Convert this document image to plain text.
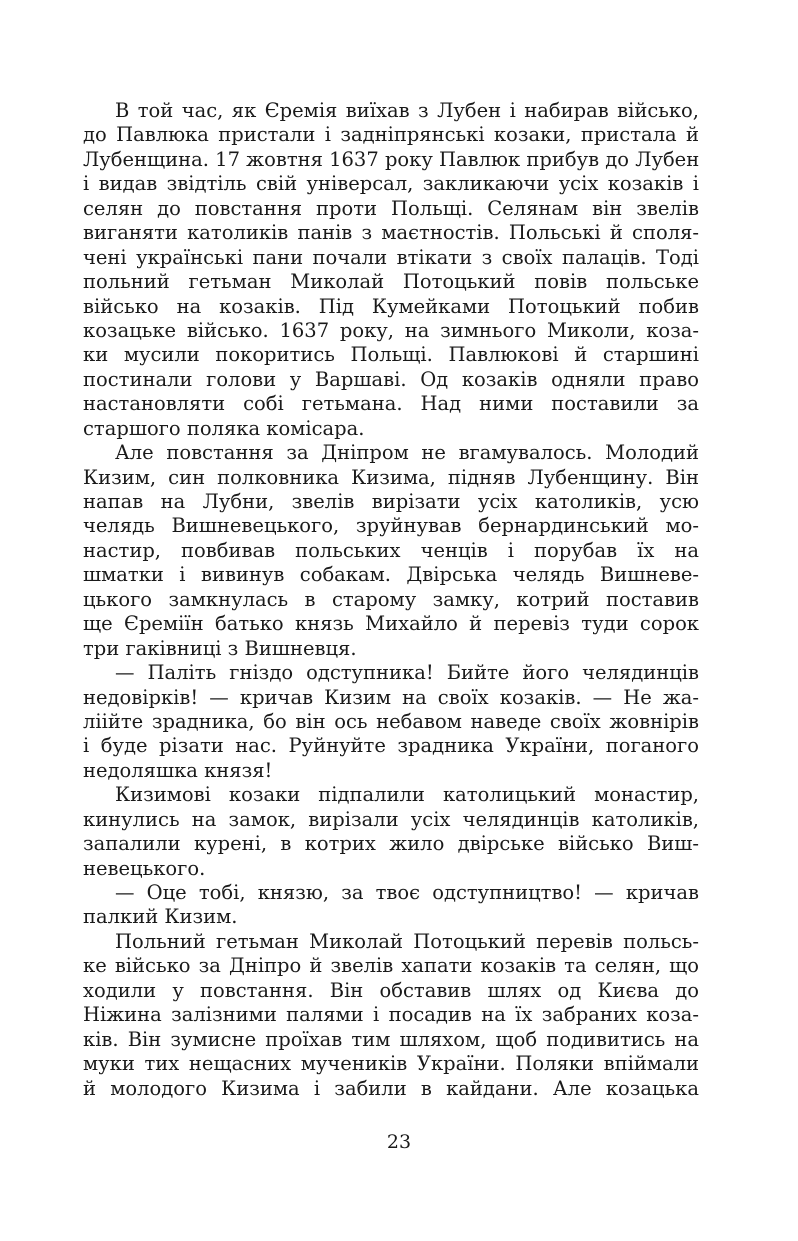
В той час, як Єремія виїхав з Лубен і набирав військо,
до Павлюка пристали і задніпрянські козаки, пристала й
Лубенщина. 17 жовтня 1637 року Павлюк прибув до Лубен
і видав звідтіль свій універсал, закликаючи усіх козаків і
селян до повстання проти Польщі. Селянам він звелів
виганяти католиків панів з маєтностів. Польські й споля-
чені українські пани почали втікати з своїх палаців. Тоді
польний гетьман Миколай Потоцький повів польське
військо на козаків. Під Кумейками Потоцький побив
козацьке військо. 1637 року, на зимнього Миколи, коза-
ки мусили покоритись Польщі. Павлюкові й старшині
постинали голови у Варшаві. Од козаків одняли право
настановляти собі гетьмана. Над ними поставили за
старшого поляка комісара.
Але повстання за Дніпром не вгамувалось. Молодий
Кизим, син полковника Кизима, підняв Лубенщину. Він
напав на Лубни, звелів вирізати усіх католиків, усю
челядь Вишневецького, зруйнував бернардинський мо-
настир, повбивав польських ченців і порубав їх на
шматки і вивинув собакам. Двірська челядь Вишневе-
цького замкнулась в старому замку, котрий поставив
ще Єреміїн батько князь Михайло й перевіз туди сорок
три гаківниці з Вишневця.
— Паліть гніздо одступника! Бийте його челядинців
недовірків! — кричав Кизим на своїх козаків. — Не жа-
ліійте зрадника, бо він ось небавом наведе своїх жовнірів
і буде різати нас. Руйнуйте зрадника України, поганого
недоляшка князя!
Кизимові козаки підпалили католицький монастир,
кинулись на замок, вирізали усіх челядинців католиків,
запалили курені, в котрих жило двірське військо Виш-
невецького.
— Оце тобі, князю, за твоє одступництво! — кричав
палкий Кизим.
Польний гетьман Миколай Потоцький перевів польсь-
ке військо за Дніпро й звелів хапати козаків та селян, що
ходили у повстання. Він обставив шлях од Києва до
Ніжина залізними палями і посадив на їх забраних коза-
ків. Він зумисне проїхав тим шляхом, щоб подивитись на
муки тих нещасних мучеників України. Поляки впіймали
й молодого Кизима і забили в кайдани. Але козацька
23
